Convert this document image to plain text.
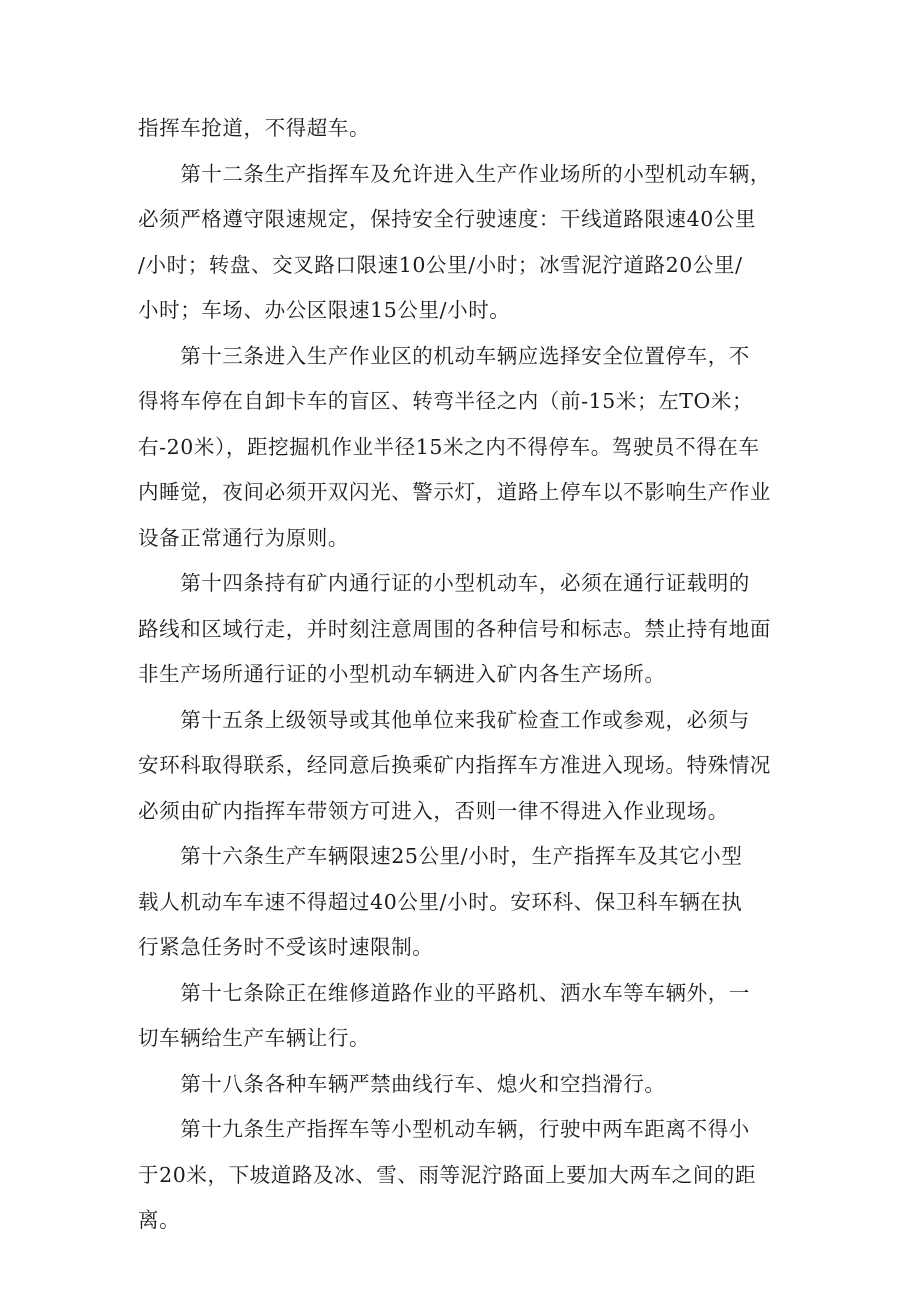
指挥车抢道，不得超车。

　　第十二条生产指挥车及允许进入生产作业场所的小型机动车辆，
必须严格遵守限速规定，保持安全行驶速度：干线道路限速40公里
/小时；转盘、交叉路口限速10公里/小时；冰雪泥泞道路20公里/
小时；车场、办公区限速15公里/小时。

　　第十三条进入生产作业区的机动车辆应选择安全位置停车，不
得将车停在自卸卡车的盲区、转弯半径之内（前-15米；左TO米；
右-20米），距挖掘机作业半径15米之内不得停车。驾驶员不得在车
内睡觉，夜间必须开双闪光、警示灯，道路上停车以不影响生产作业
设备正常通行为原则。

　　第十四条持有矿内通行证的小型机动车，必须在通行证载明的
路线和区域行走，并时刻注意周围的各种信号和标志。禁止持有地面
非生产场所通行证的小型机动车辆进入矿内各生产场所。

　　第十五条上级领导或其他单位来我矿检查工作或参观，必须与
安环科取得联系，经同意后换乘矿内指挥车方准进入现场。特殊情况
必须由矿内指挥车带领方可进入，否则一律不得进入作业现场。

　　第十六条生产车辆限速25公里/小时，生产指挥车及其它小型
载人机动车车速不得超过40公里/小时。安环科、保卫科车辆在执
行紧急任务时不受该时速限制。

　　第十七条除正在维修道路作业的平路机、洒水车等车辆外，一
切车辆给生产车辆让行。

　　第十八条各种车辆严禁曲线行车、熄火和空挡滑行。

　　第十九条生产指挥车等小型机动车辆，行驶中两车距离不得小
于20米，下坡道路及冰、雪、雨等泥泞路面上要加大两车之间的距
离。
